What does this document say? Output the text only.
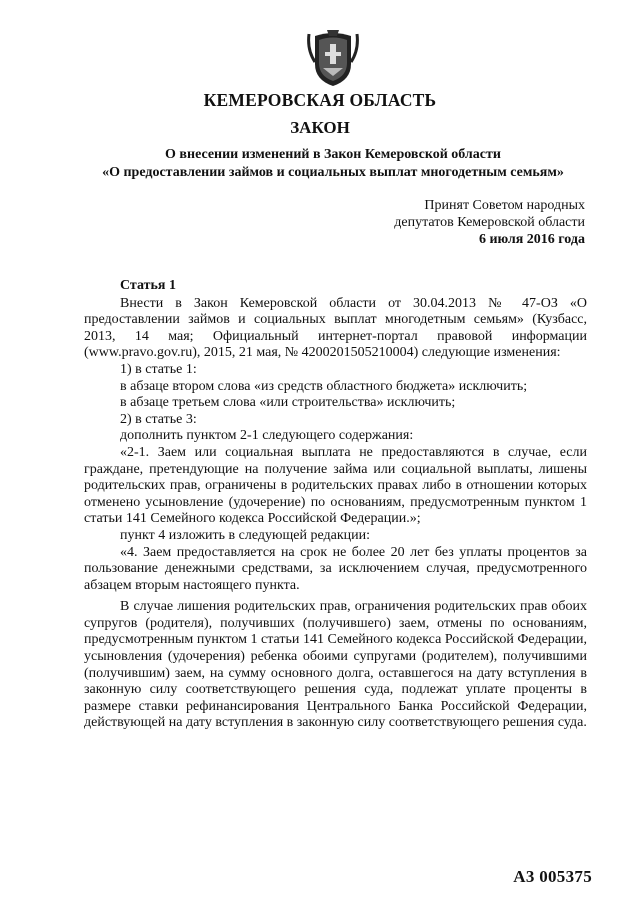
КЕМЕРОВСКАЯ ОБЛАСТЬ
ЗАКОН
О внесении изменений в Закон Кемеровской области
«О предоставлении займов и социальных выплат многодетным семьям»
Принят Советом народных
депутатов Кемеровской области
6 июля 2016 года
Статья 1

Внести в Закон Кемеровской области от 30.04.2013 № 47-ОЗ «О предоставлении займов и социальных выплат многодетным семьям» (Кузбасс, 2013, 14 мая; Официальный интернет-портал правовой информации (www.pravo.gov.ru), 2015, 21 мая, № 4200201505210004) следующие изменения:

1) в статье 1:

в абзаце втором слова «из средств областного бюджета» исключить;

в абзаце третьем слова «или строительства» исключить;

2) в статье 3:

дополнить пунктом 2-1 следующего содержания:

«2-1. Заем или социальная выплата не предоставляются в случае, если граждане, претендующие на получение займа или социальной выплаты, лишены родительских прав, ограничены в родительских правах либо в отношении которых отменено усыновление (удочерение) по основаниям, предусмотренным пунктом 1 статьи 141 Семейного кодекса Российской Федерации.»;

пункт 4 изложить в следующей редакции:

«4. Заем предоставляется на срок не более 20 лет без уплаты процентов за пользование денежными средствами, за исключением случая, предусмотренного абзацем вторым настоящего пункта.

В случае лишения родительских прав, ограничения родительских прав обоих супругов (родителя), получивших (получившего) заем, отмены по основаниям, предусмотренным пунктом 1 статьи 141 Семейного кодекса Российской Федерации, усыновления (удочерения) ребенка обоими супругами (родителем), получившими (получившим) заем, на сумму основного долга, оставшегося на дату вступления в законную силу соответствующего решения суда, подлежат уплате проценты в размере ставки рефинансирования Центрального Банка Российской Федерации, действующей на дату вступления в законную силу соответствующего решения суда.

А3 005375
